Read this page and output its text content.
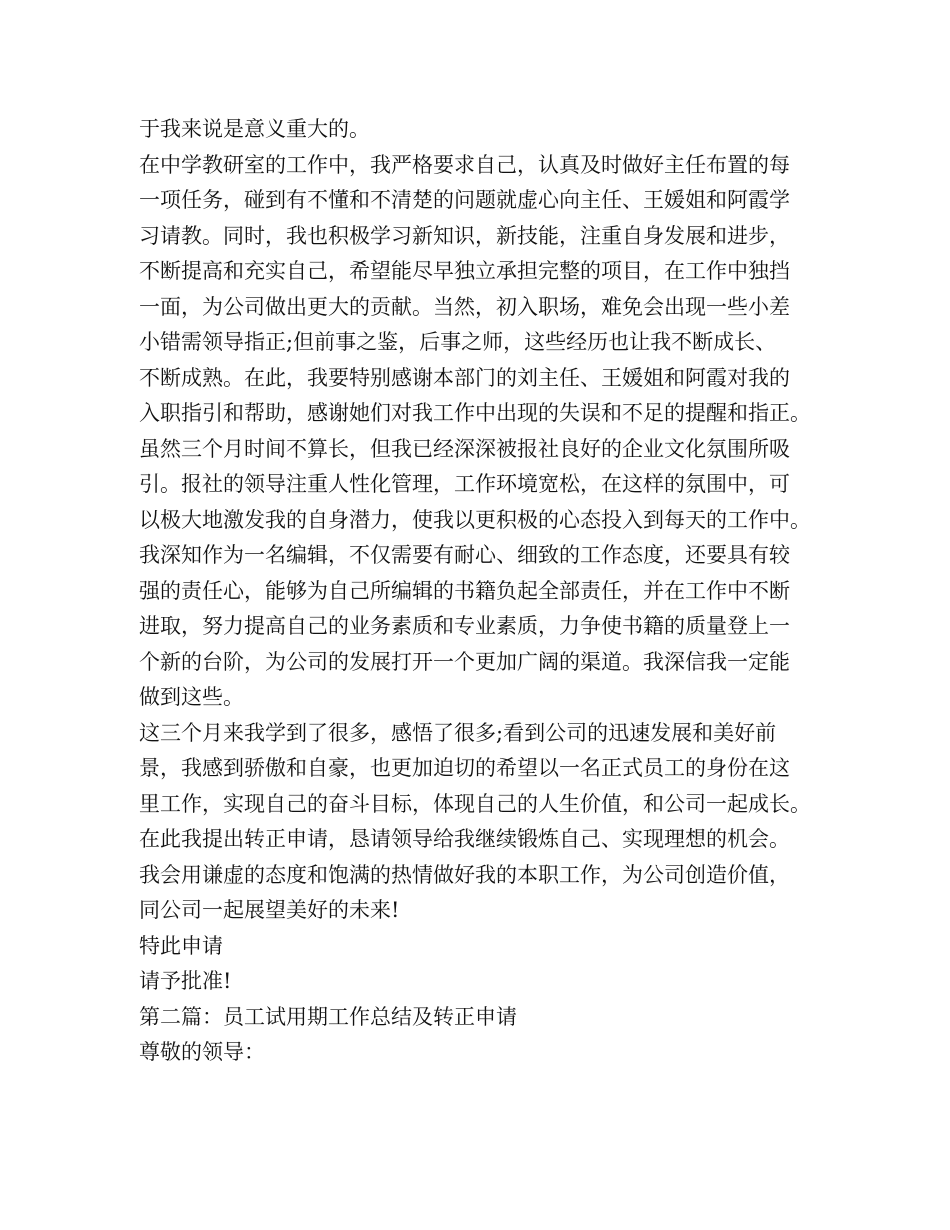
于我来说是意义重大的。
在中学教研室的工作中，我严格要求自己，认真及时做好主任布置的每
一项任务，碰到有不懂和不清楚的问题就虚心向主任、王媛姐和阿霞学
习请教。同时，我也积极学习新知识，新技能，注重自身发展和进步，
不断提高和充实自己，希望能尽早独立承担完整的项目，在工作中独挡
一面，为公司做出更大的贡献。当然，初入职场，难免会出现一些小差
小错需领导指正;但前事之鉴，后事之师，这些经历也让我不断成长、
不断成熟。在此，我要特别感谢本部门的刘主任、王媛姐和阿霞对我的
入职指引和帮助，感谢她们对我工作中出现的失误和不足的提醒和指正。
虽然三个月时间不算长，但我已经深深被报社良好的企业文化氛围所吸
引。报社的领导注重人性化管理，工作环境宽松，在这样的氛围中，可
以极大地激发我的自身潜力，使我以更积极的心态投入到每天的工作中。
我深知作为一名编辑，不仅需要有耐心、细致的工作态度，还要具有较
强的责任心，能够为自己所编辑的书籍负起全部责任，并在工作中不断
进取，努力提高自己的业务素质和专业素质，力争使书籍的质量登上一
个新的台阶，为公司的发展打开一个更加广阔的渠道。我深信我一定能
做到这些。
这三个月来我学到了很多，感悟了很多;看到公司的迅速发展和美好前
景，我感到骄傲和自豪，也更加迫切的希望以一名正式员工的身份在这
里工作，实现自己的奋斗目标，体现自己的人生价值，和公司一起成长。
在此我提出转正申请，恳请领导给我继续锻炼自己、实现理想的机会。
我会用谦虚的态度和饱满的热情做好我的本职工作，为公司创造价值，
同公司一起展望美好的未来!
特此申请
请予批准!
第二篇：员工试用期工作总结及转正申请
尊敬的领导：
